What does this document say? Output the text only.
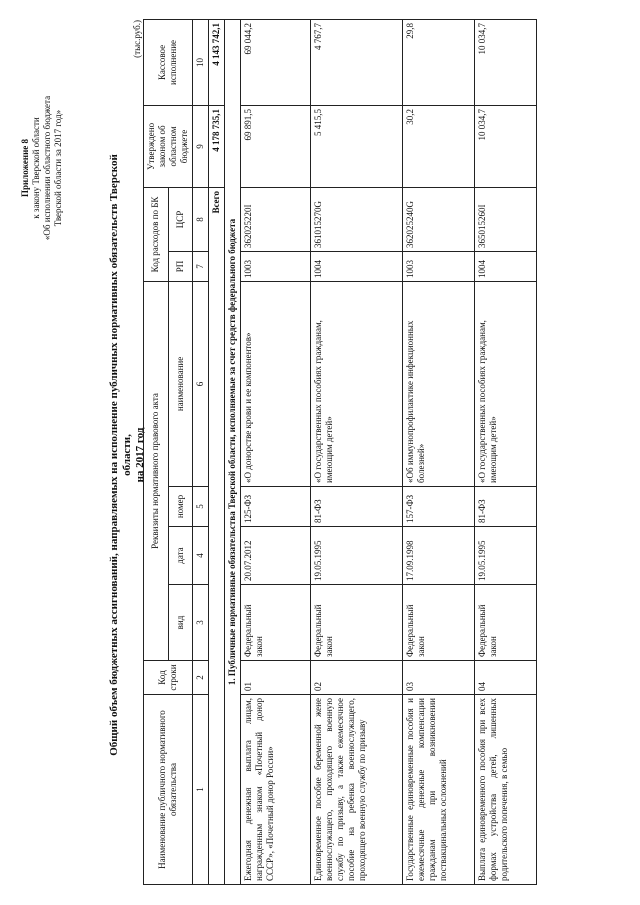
Приложение 8 к закону Тверской области «Об исполнении областного бюджета Тверской области за 2017 год»	Общий объем бюджетных ассигнований, направляемых на исполнение публичных нормативных обязательств Тверской области, на 2017 год
(тыс.руб.)
Наименование публичного нормативного обязательства	Код строки	Реквизиты нормативного правового акта				Код расходов по БК		Утверждено законом об областном бюджете	Кассовое исполнение
		вид	дата	номер	наименование	РП	ЦСР		
1	2	3	4	5	6	7	8	9	10
Всего								4 178 735,1	4 143 742,1
1. Публичные нормативные обязательства Тверской области, исполняемые за счет средств федерального бюджета									
Ежегодная денежная выплата лицам, награжденным знаком «Почетный донор СССР», «Почетный донор России»	01	Федеральный закон	20.07.2012	125-ФЗ	«О донорстве крови и ее компонентов»	1003	362025220I	69 891,5	69 044,2
Единовременное пособие беременной жене военнослужащего, проходящего военную службу по призыву, а также ежемесячное пособие на ребенка военнослужащего, проходящего военную службу по призыву	02	Федеральный закон	19.05.1995	81-ФЗ	«О государственных пособиях гражданам, имеющим детей»	1004	361015270G	5 415,5	4 767,7
Государственные единовременные пособия и ежемесячные денежные компенсации гражданам при возникновении поствакцинальных осложнений	03	Федеральный закон	17.09.1998	157-ФЗ	«Об иммунопрофилактике инфекционных болезней»	1003	362025240G	30,2	29,8
Выплата единовременного пособия при всех формах устройства детей, лишенных родительского попечения, в семью	04	Федеральный закон	19.05.1995	81-ФЗ	«О государственных пособиях гражданам, имеющим детей»	1004	365015260I	10 034,7	10 034,7
